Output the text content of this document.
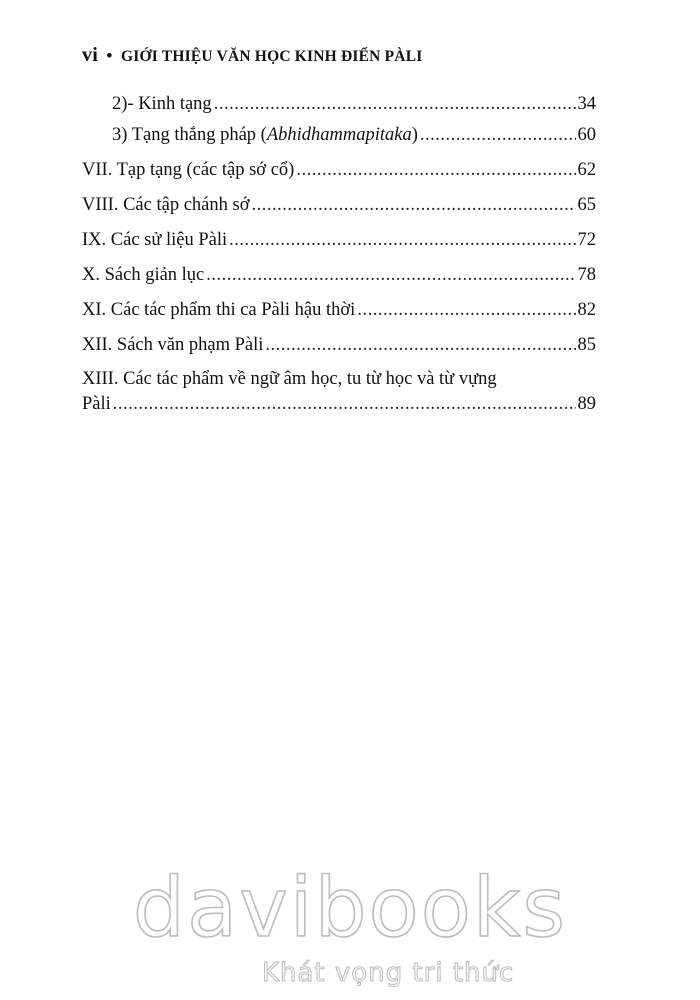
vi • GIỚI THIỆU VĂN HỌC KINH ĐIỂN PÀLI
2)- Kinh tạng .....	34
3) Tạng thắng pháp (Abhidhammapitaka) .....	60
VII. Tạp tạng (các tập sớ cổ) .....	62
VIII. Các tập chánh sớ .....	65
IX. Các sử liệu Pàli .....	72
X. Sách giản lục .....	78
XI. Các tác phẩm thi ca Pàli hậu thời .....	82
XII. Sách văn phạm Pàli .....	85
XIII. Các tác phẩm về ngữ âm học, tu từ học và từ vựng
Pàli .....	89
davibooks
Khát vọng tri thức
